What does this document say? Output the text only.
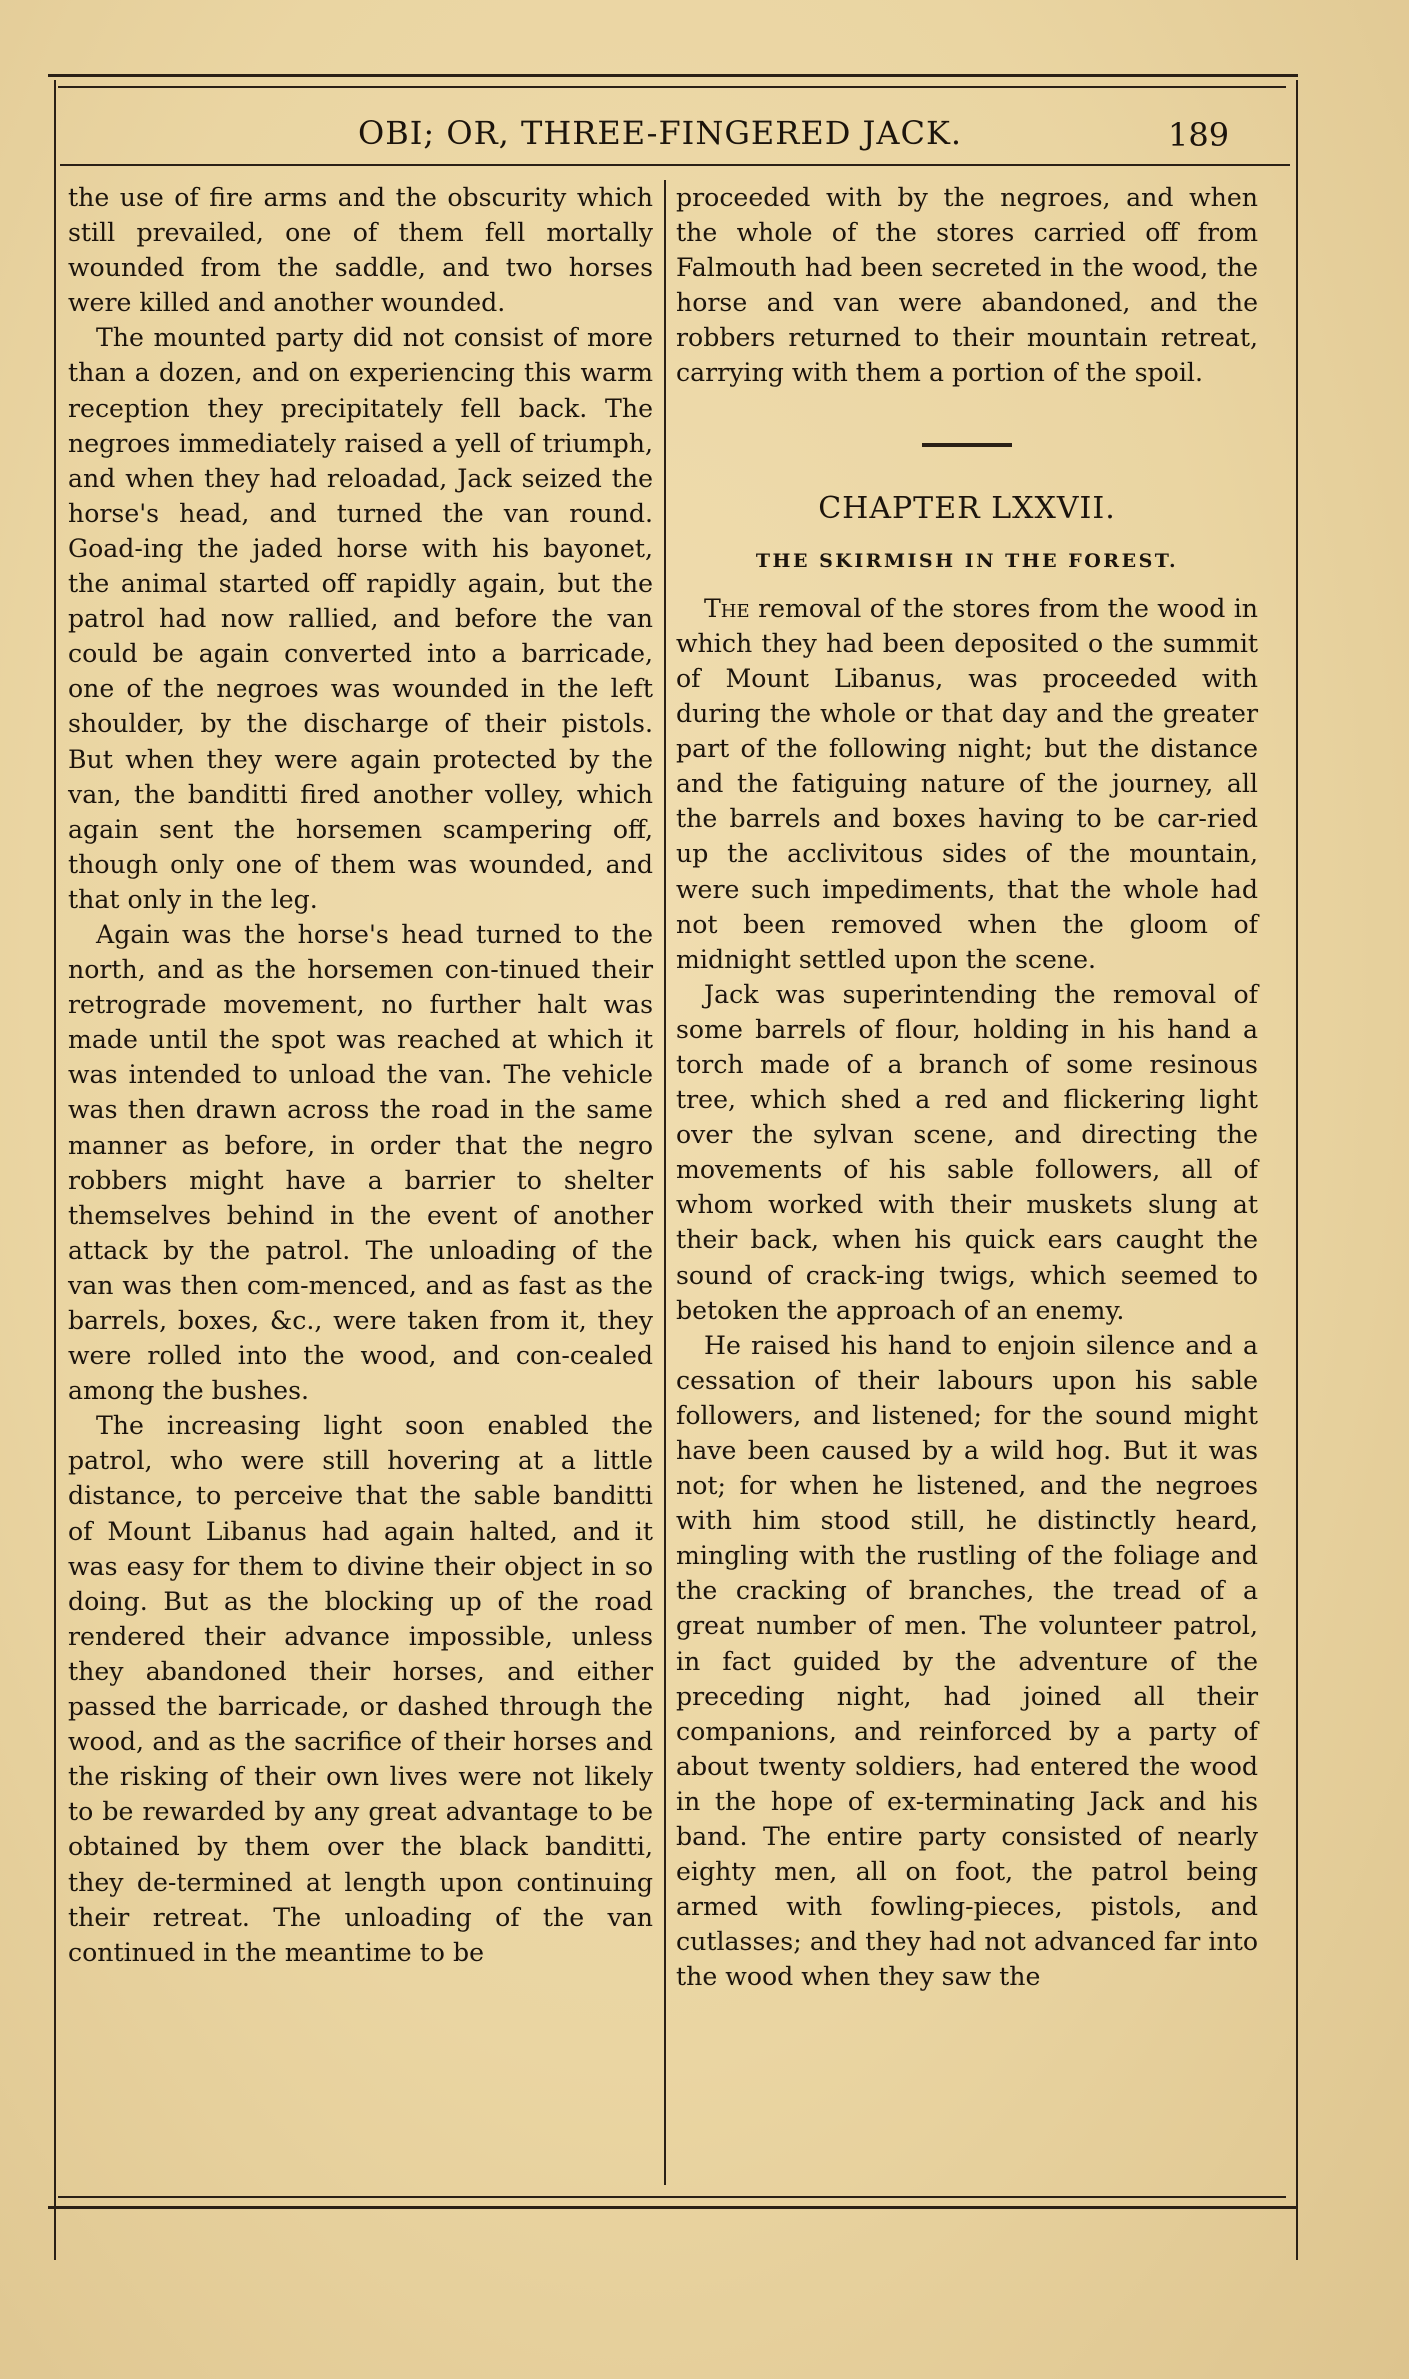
OBI; OR, THREE-FINGERED JACK.	189

the use of fire arms and the obscurity which still prevailed, one of them fell mortally wounded from the saddle, and two horses were killed and another wounded.

The mounted party did not consist of more than a dozen, and on experiencing this warm reception they precipitately fell back. The negroes immediately raised a yell of triumph, and when they had reloadad, Jack seized the horse's head, and turned the van round. Goad-ing the jaded horse with his bayonet, the animal started off rapidly again, but the patrol had now rallied, and before the van could be again converted into a barricade, one of the negroes was wounded in the left shoulder, by the discharge of their pistols. But when they were again protected by the van, the banditti fired another volley, which again sent the horsemen scampering off, though only one of them was wounded, and that only in the leg.

Again was the horse's head turned to the north, and as the horsemen con-tinued their retrograde movement, no further halt was made until the spot was reached at which it was intended to unload the van. The vehicle was then drawn across the road in the same manner as before, in order that the negro robbers might have a barrier to shelter themselves behind in the event of another attack by the patrol. The unloading of the van was then com-menced, and as fast as the barrels, boxes, &c., were taken from it, they were rolled into the wood, and con-cealed among the bushes.

The increasing light soon enabled the patrol, who were still hovering at a little distance, to perceive that the sable banditti of Mount Libanus had again halted, and it was easy for them to divine their object in so doing. But as the blocking up of the road rendered their advance impossible, unless they abandoned their horses, and either passed the barricade, or dashed through the wood, and as the sacrifice of their horses and the risking of their own lives were not likely to be rewarded by any great advantage to be obtained by them over the black banditti, they de-termined at length upon continuing their retreat. The unloading of the van continued in the meantime to be

proceeded with by the negroes, and when the whole of the stores carried off from Falmouth had been secreted in the wood, the horse and van were abandoned, and the robbers returned to their mountain retreat, carrying with them a portion of the spoil.

CHAPTER LXXVII.
THE SKIRMISH IN THE FOREST.

The removal of the stores from the wood in which they had been deposited o the summit of Mount Libanus, was proceeded with during the whole or that day and the greater part of the following night; but the distance and the fatiguing nature of the journey, all the barrels and boxes having to be car-ried up the acclivitous sides of the mountain, were such impediments, that the whole had not been removed when the gloom of midnight settled upon the scene.

Jack was superintending the removal of some barrels of flour, holding in his hand a torch made of a branch of some resinous tree, which shed a red and flickering light over the sylvan scene, and directing the movements of his sable followers, all of whom worked with their muskets slung at their back, when his quick ears caught the sound of crack-ing twigs, which seemed to betoken the approach of an enemy.

He raised his hand to enjoin silence and a cessation of their labours upon his sable followers, and listened; for the sound might have been caused by a wild hog. But it was not; for when he listened, and the negroes with him stood still, he distinctly heard, mingling with the rustling of the foliage and the cracking of branches, the tread of a great number of men. The volunteer patrol, in fact guided by the adventure of the preceding night, had joined all their companions, and reinforced by a party of about twenty soldiers, had entered the wood in the hope of ex-terminating Jack and his band. The entire party consisted of nearly eighty men, all on foot, the patrol being armed with fowling-pieces, pistols, and cutlasses; and they had not advanced far into the wood when they saw the
